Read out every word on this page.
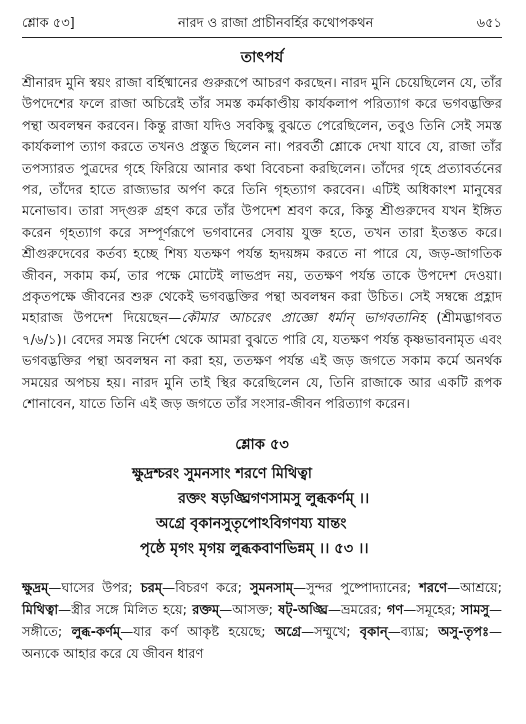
শ্লোক ৫৩]	নারদ ও রাজা প্রাচীনবর্হির কথোপকথন	৬৫১
তাৎপর্য

শ্রীনারদ মুনি স্বয়ং রাজা বর্হিষ্মানের গুরুরূপে আচরণ করছেন। নারদ মুনি চেয়েছিলেন যে, তাঁর উপদেশের ফলে রাজা অচিরেই তাঁর সমস্ত কর্মকাণ্ডীয় কার্যকলাপ পরিত্যাগ করে ভগবদ্ভক্তির পন্থা অবলম্বন করবেন। কিন্তু রাজা যদিও সবকিছু বুঝতে পেরেছিলেন, তবুও তিনি সেই সমস্ত কার্যকলাপ ত্যাগ করতে তখনও প্রস্তুত ছিলেন না। পরবর্তী শ্লোকে দেখা যাবে যে, রাজা তাঁর তপস্যারত পুত্রদের গৃহে ফিরিয়ে আনার কথা বিবেচনা করছিলেন। তাঁদের গৃহে প্রত্যাবর্তনের পর, তাঁদের হাতে রাজ্যভার অর্পণ করে তিনি গৃহত্যাগ করবেন। এটিই অধিকাংশ মানুষের মনোভাব। তারা সদ্গুরু গ্রহণ করে তাঁর উপদেশ শ্রবণ করে, কিন্তু শ্রীগুরুদেব যখন ইঙ্গিত করেন গৃহত্যাগ করে সম্পূর্ণরূপে ভগবানের সেবায় যুক্ত হতে, তখন তারা ইতস্তত করে। শ্রীগুরুদেবের কর্তব্য হচ্ছে শিষ্য যতক্ষণ পর্যন্ত হৃদয়ঙ্গম করতে না পারে যে, জড়-জাগতিক জীবন, সকাম কর্ম, তার পক্ষে মোটেই লাভপ্রদ নয়, ততক্ষণ পর্যন্ত তাকে উপদেশ দেওয়া। প্রকৃতপক্ষে জীবনের শুরু থেকেই ভগবদ্ভক্তির পন্থা অবলম্বন করা উচিত। সেই সম্বন্ধে প্রহ্লাদ মহারাজ উপদেশ দিয়েছেন—কৌমার আচরেৎ প্রাজ্ঞো ধর্মান্ ভাগবতানিহ (শ্রীমদ্ভাগবত ৭/৬/১)। বেদের সমস্ত নির্দেশ থেকে আমরা বুঝতে পারি যে, যতক্ষণ পর্যন্ত কৃষ্ণভাবনামৃত এবং ভগবদ্ভক্তির পন্থা অবলম্বন না করা হয়, ততক্ষণ পর্যন্ত এই জড় জগতে সকাম কর্মে অনর্থক সময়ের অপচয় হয়। নারদ মুনি তাই স্থির করেছিলেন যে, তিনি রাজাকে আর একটি রূপক শোনাবেন, যাতে তিনি এই জড় জগতে তাঁর সংসার-জীবন পরিত্যাগ করেন।

শ্লোক ৫৩
ক্ষুদ্রশ্চরং সুমনসাং শরণে মিথিত্বা
রক্তং ষড়ঙ্ঘ্রিগণসামসু লুব্ধকর্ণম্ ।।
অগ্রে বৃকানসুতৃপোঽবিগণয্য যান্তং
পৃষ্ঠে মৃগং মৃগয় লুব্ধকবাণভিন্নম্ ।। ৫৩ ।।

ক্ষুদ্রম্—ঘাসের উপর; চরম্—বিচরণ করে; সুমনসাম্—সুন্দর পুষ্পোদ্যানের; শরণে—আশ্রয়ে; মিথিত্বা—স্ত্রীর সঙ্গে মিলিত হয়ে; রক্তম্—আসক্ত; ষট্-অঙ্ঘ্রি—ভ্রমরের; গণ—সমূহের; সামসু—সঙ্গীতে; লুব্ধ-কর্ণম্—যার কর্ণ আকৃষ্ট হয়েছে; অগ্রে—সম্মুখে; বৃকান্—ব্যাঘ্র; অসু-তৃপঃ—অন্যকে আহার করে যে জীবন ধারণ
